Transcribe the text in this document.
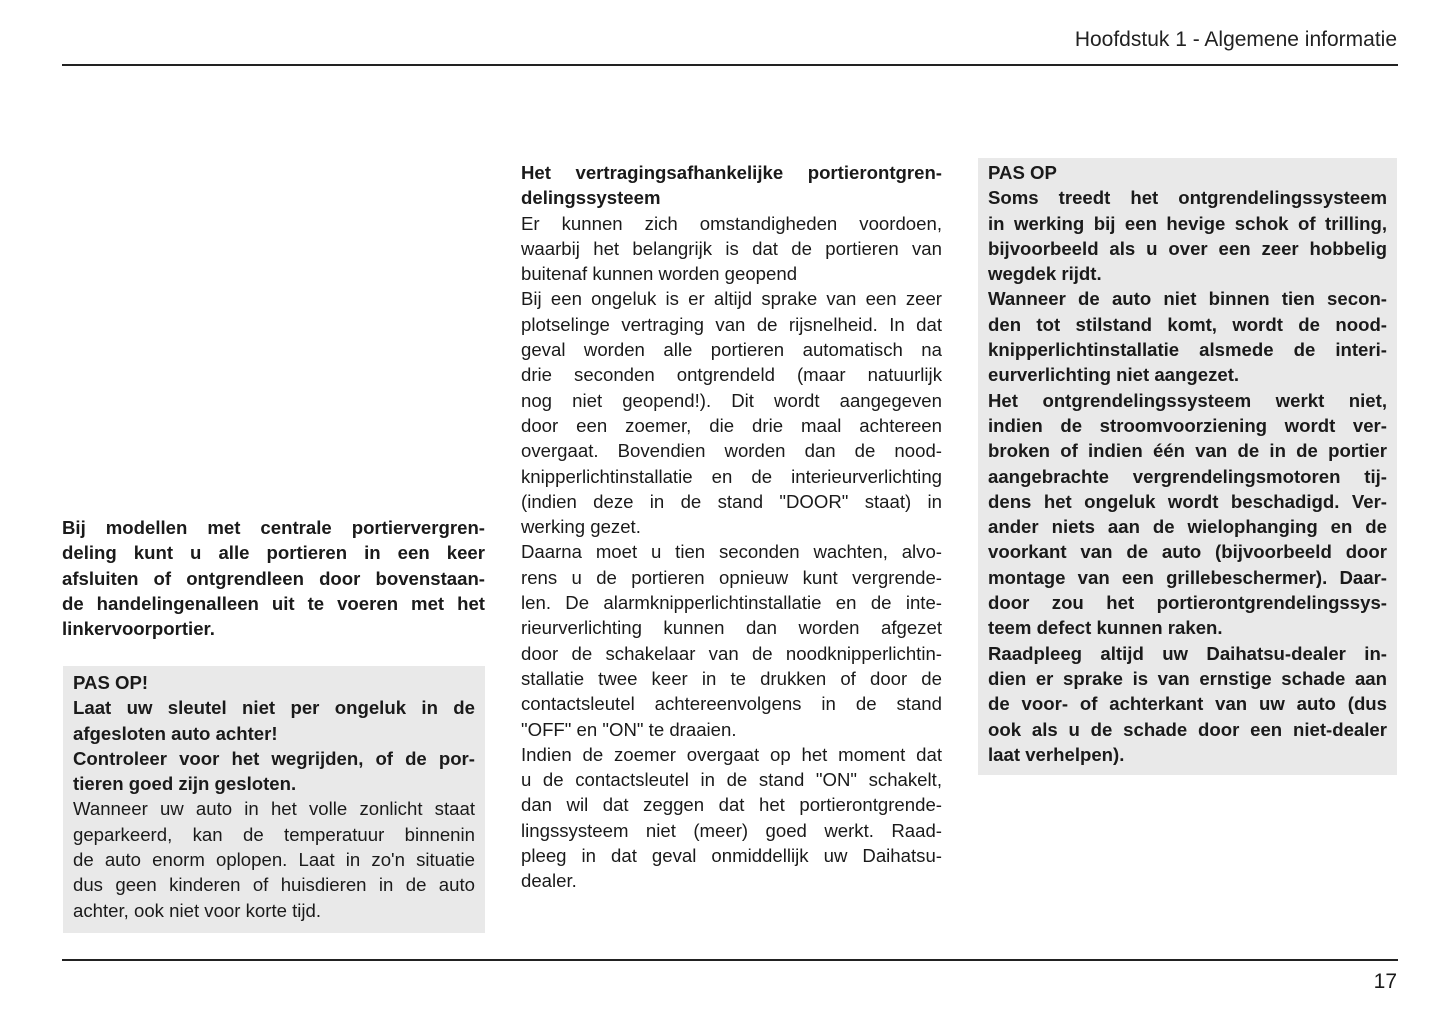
Hoofdstuk 1 - Algemene informatie
Bij modellen met centrale portiervergren-
deling kunt u alle portieren in een keer
afsluiten of ontgrendleen door bovenstaan-
de handelingenalleen uit te voeren met het
linkervoorportier.
PAS OP!
Laat uw sleutel niet per ongeluk in de
afgesloten auto achter!
Controleer voor het wegrijden, of de por-
tieren goed zijn gesloten.
Wanneer uw auto in het volle zonlicht staat
geparkeerd, kan de temperatuur binnenin
de auto enorm oplopen. Laat in zo'n situatie
dus geen kinderen of huisdieren in de auto
achter, ook niet voor korte tijd.
Het vertragingsafhankelijke portierontgren-
delingssysteem
Er kunnen zich omstandigheden voordoen,
waarbij het belangrijk is dat de portieren van
buitenaf kunnen worden geopend
Bij een ongeluk is er altijd sprake van een zeer
plotselinge vertraging van de rijsnelheid. In dat
geval worden alle portieren automatisch na
drie seconden ontgrendeld (maar natuurlijk
nog niet geopend!). Dit wordt aangegeven
door een zoemer, die drie maal achtereen
overgaat. Bovendien worden dan de nood-
knipperlichtinstallatie en de interieurverlichting
(indien deze in de stand "DOOR" staat) in
werking gezet.
Daarna moet u tien seconden wachten, alvo-
rens u de portieren opnieuw kunt vergrende-
len. De alarmknipperlichtinstallatie en de inte-
rieurverlichting kunnen dan worden afgezet
door de schakelaar van de noodknipperlichtin-
stallatie twee keer in te drukken of door de
contactsleutel achtereenvolgens in de stand
"OFF" en "ON" te draaien.
Indien de zoemer overgaat op het moment dat
u de contactsleutel in de stand "ON" schakelt,
dan wil dat zeggen dat het portierontgrende-
lingssysteem niet (meer) goed werkt. Raad-
pleeg in dat geval onmiddellijk uw Daihatsu-
dealer.
PAS OP
Soms treedt het ontgrendelingssysteem
in werking bij een hevige schok of trilling,
bijvoorbeeld als u over een zeer hobbelig
wegdek rijdt.
Wanneer de auto niet binnen tien secon-
den tot stilstand komt, wordt de nood-
knipperlichtinstallatie alsmede de interi-
eurverlichting niet aangezet.
Het ontgrendelingssysteem werkt niet,
indien de stroomvoorziening wordt ver-
broken of indien één van de in de portier
aangebrachte vergrendelingsmotoren tij-
dens het ongeluk wordt beschadigd. Ver-
ander niets aan de wielophanging en de
voorkant van de auto (bijvoorbeeld door
montage van een grillebeschermer). Daar-
door zou het portierontgrendelingssys-
teem defect kunnen raken.
Raadpleeg altijd uw Daihatsu-dealer in-
dien er sprake is van ernstige schade aan
de voor- of achterkant van uw auto (dus
ook als u de schade door een niet-dealer
laat verhelpen).
17
